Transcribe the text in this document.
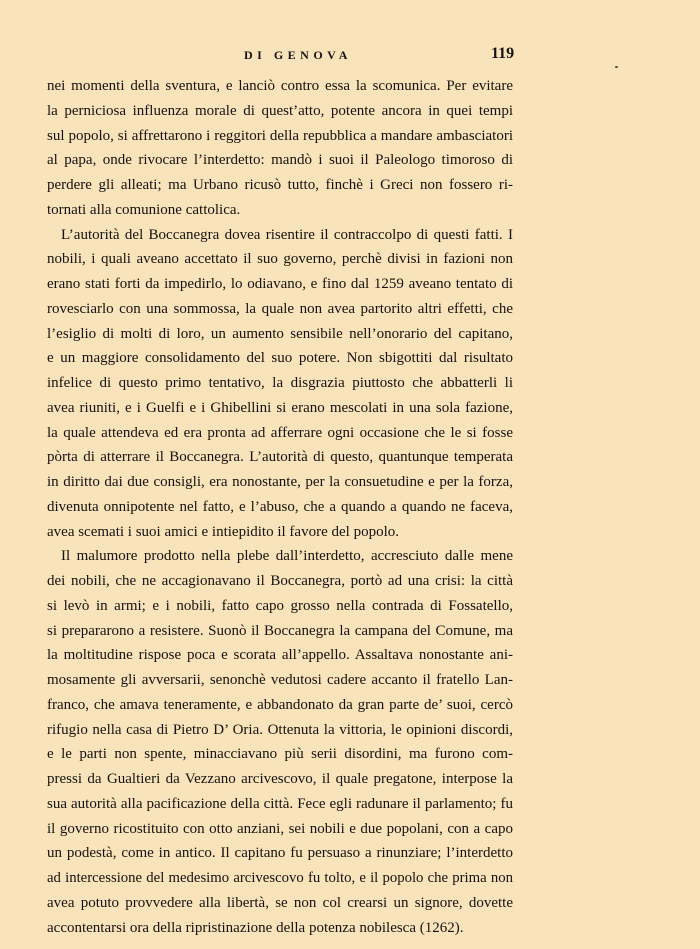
DI GENOVA	119
nei momenti della sventura, e lanciò contro essa la scomunica. Per evitare
la perniciosa influenza morale di quest’atto, potente ancora in quei tempi
sul popolo, si affrettarono i reggitori della repubblica a mandare ambasciatori
al papa, onde rivocare l’interdetto: mandò i suoi il Paleologo timoroso di
perdere gli alleati; ma Urbano ricusò tutto, finchè i Greci non fossero ri-
tornati alla comunione cattolica.
L’autorità del Boccanegra dovea risentire il contraccolpo di questi fatti. I
nobili, i quali aveano accettato il suo governo, perchè divisi in fazioni non
erano stati forti da impedirlo, lo odiavano, e fino dal 1259 aveano tentato di
rovesciarlo con una sommossa, la quale non avea partorito altri effetti, che
l’esiglio di molti di loro, un aumento sensibile nell’onorario del capitano,
e un maggiore consolidamento del suo potere. Non sbigottiti dal risultato
infelice di questo primo tentativo, la disgrazia piuttosto che abbatterli li
avea riuniti, e i Guelfi e i Ghibellini si erano mescolati in una sola fazione,
la quale attendeva ed era pronta ad afferrare ogni occasione che le si fosse
pòrta di atterrare il Boccanegra. L’autorità di questo, quantunque temperata
in diritto dai due consigli, era nonostante, per la consuetudine e per la forza,
divenuta onnipotente nel fatto, e l’abuso, che a quando a quando ne faceva,
avea scemati i suoi amici e intiepidito il favore del popolo.
Il malumore prodotto nella plebe dall’interdetto, accresciuto dalle mene
dei nobili, che ne accagionavano il Boccanegra, portò ad una crisi: la città
si levò in armi; e i nobili, fatto capo grosso nella contrada di Fossatello,
si prepararono a resistere. Suonò il Boccanegra la campana del Comune, ma
la moltitudine rispose poca e scorata all’appello. Assaltava nonostante ani-
mosamente gli avversarii, senonchè vedutosi cadere accanto il fratello Lan-
franco, che amava teneramente, e abbandonato da gran parte de’ suoi, cercò
rifugio nella casa di Pietro D’ Oria. Ottenuta la vittoria, le opinioni discordi,
e le parti non spente, minacciavano più serii disordini, ma furono com-
pressi da Gualtieri da Vezzano arcivescovo, il quale pregatone, interpose la
sua autorità alla pacificazione della città. Fece egli radunare il parlamento; fu
il governo ricostituito con otto anziani, sei nobili e due popolani, con a capo
un podestà, come in antico. Il capitano fu persuaso a rinunziare; l’interdetto
ad intercessione del medesimo arcivescovo fu tolto, e il popolo che prima non
avea potuto provvedere alla libertà, se non col crearsi un signore, dovette
accontentarsi ora della ripristinazione della potenza nobilesca (1262).
